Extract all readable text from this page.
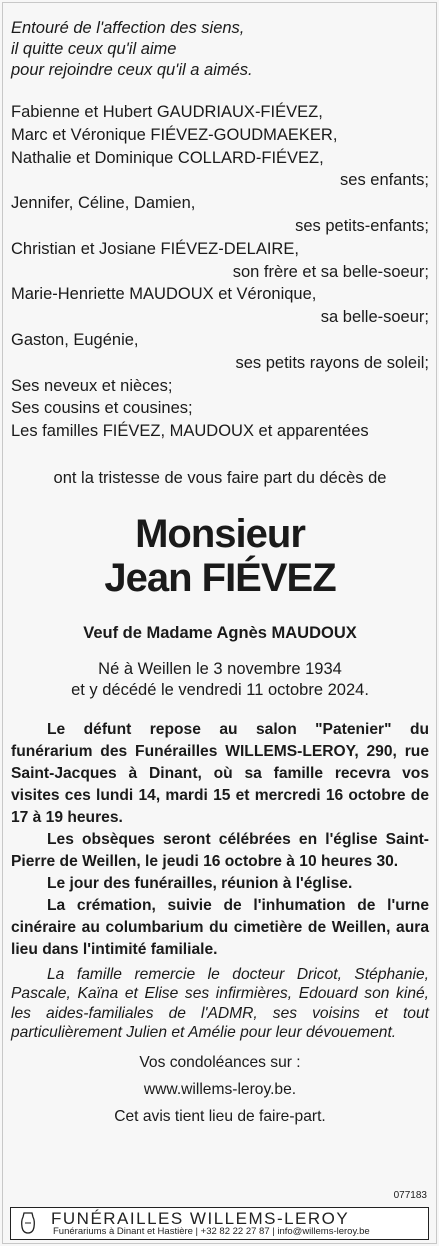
Entouré de l'affection des siens,
il quitte ceux qu'il aime
pour rejoindre ceux qu'il a aimés.
Fabienne et Hubert GAUDRIAUX-FIÉVEZ,
Marc et Véronique FIÉVEZ-GOUDMAEKER,
Nathalie et Dominique COLLARD-FIÉVEZ,
ses enfants;
Jennifer, Céline, Damien,
ses petits-enfants;
Christian et Josiane FIÉVEZ-DELAIRE,
son frère et sa belle-soeur;
Marie-Henriette MAUDOUX et Véronique,
sa belle-soeur;
Gaston, Eugénie,
ses petits rayons de soleil;
Ses neveux et nièces;
Ses cousins et cousines;
Les familles FIÉVEZ, MAUDOUX et apparentées
ont la tristesse de vous faire part du décès de
Monsieur
Jean FIÉVEZ
Veuf de Madame Agnès MAUDOUX
Né à Weillen le 3 novembre 1934
et y décédé le vendredi 11 octobre 2024.

Le défunt repose au salon "Patenier" du funérarium des Funérailles WILLEMS-LEROY, 290, rue Saint-Jacques à Dinant, où sa famille recevra vos visites ces lundi 14, mardi 15 et mercredi 16 octobre de 17 à 19 heures.

Les obsèques seront célébrées en l'église Saint-Pierre de Weillen, le jeudi 16 octobre à 10 heures 30.

Le jour des funérailles, réunion à l'église.

La crémation, suivie de l'inhumation de l'urne cinéraire au columbarium du cimetière de Weillen, aura lieu dans l'intimité familiale.

La famille remercie le docteur Dricot, Stéphanie, Pascale, Kaïna et Elise ses infirmières, Edouard son kiné, les aides-familiales de l'ADMR, ses voisins et tout particulièrement Julien et Amélie pour leur dévouement.

Vos condoléances sur :
www.willems-leroy.be.
Cet avis tient lieu de faire-part.
077183
FUNÉRAILLES WILLEMS-LEROY
Funérariums à Dinant et Hastière | +32 82 22 27 87 | info@willems-leroy.be
